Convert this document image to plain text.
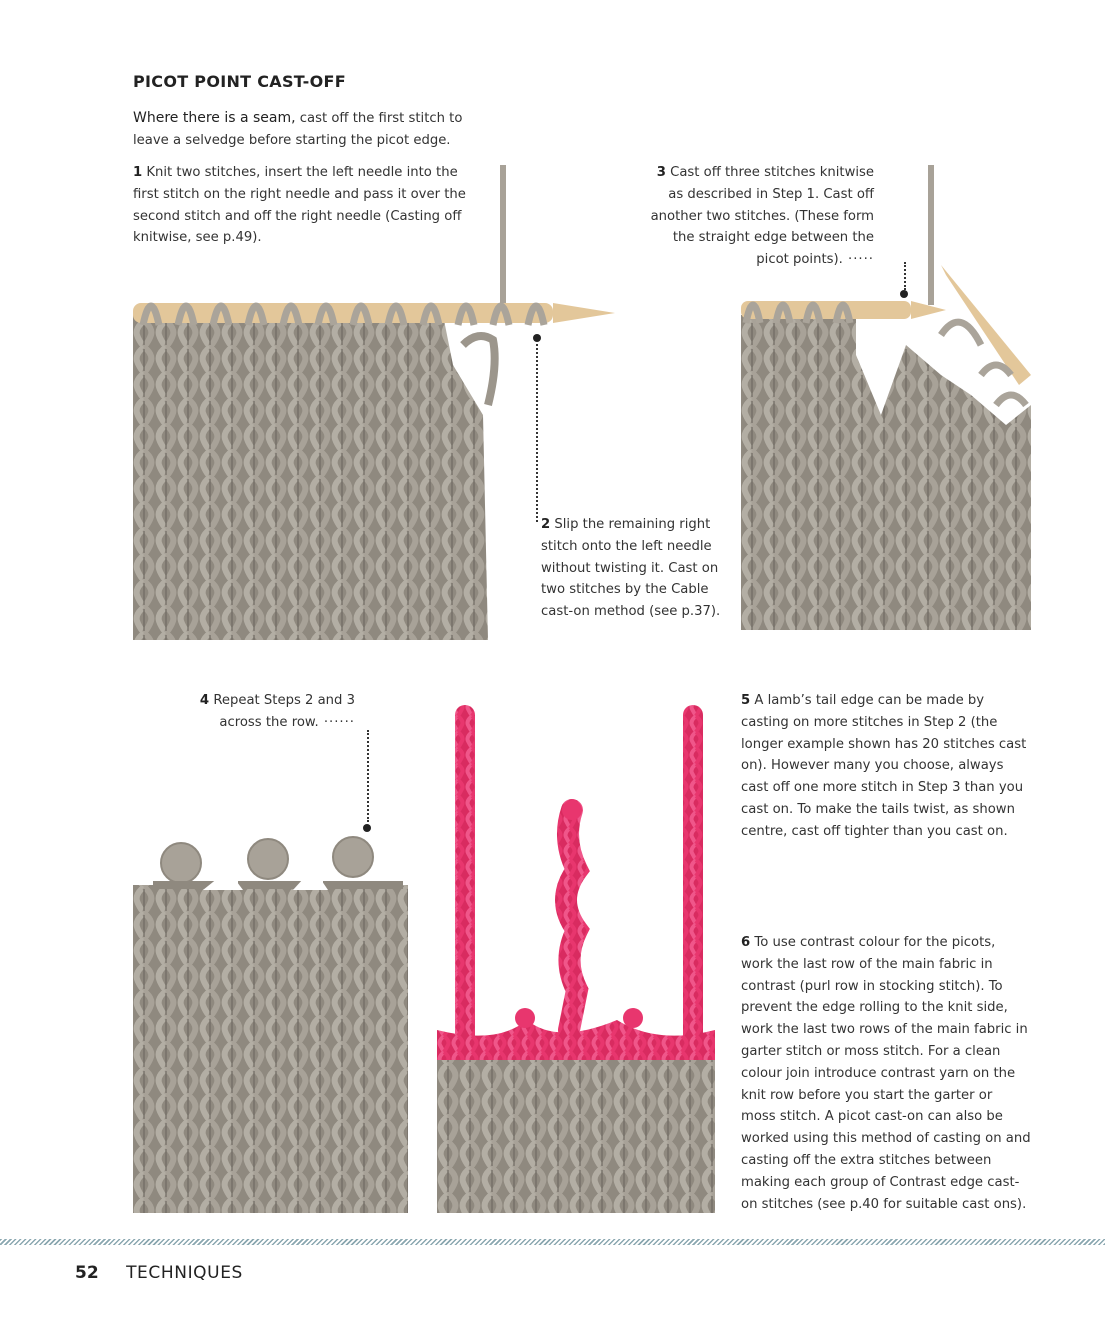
PICOT POINT CAST-OFF
Where there is a seam, cast off the first stitch to leave a selvedge before starting the picot edge.
1 Knit two stitches, insert the left needle into the first stitch on the right needle and pass it over the second stitch and off the right needle (Casting off knitwise, see p.49).
3 Cast off three stitches knitwise as described in Step 1. Cast off another two stitches. (These form the straight edge between the picot points). ·····
2 Slip the remaining right stitch onto the left needle without twisting it. Cast on two stitches by the Cable cast-on method (see p.37).
4 Repeat Steps 2 and 3 across the row. ······
5 A lamb’s tail edge can be made by casting on more stitches in Step 2 (the longer example shown has 20 stitches cast on). However many you choose, always cast off one more stitch in Step 3 than you cast on. To make the tails twist, as shown centre, cast off tighter than you cast on.
6 To use contrast colour for the picots, work the last row of the main fabric in contrast (purl row in stocking stitch). To prevent the edge rolling to the knit side, work the last two rows of the main fabric in garter stitch or moss stitch. For a clean colour join introduce contrast yarn on the knit row before you start the garter or moss stitch. A picot cast-on can also be worked using this method of casting on and casting off the extra stitches between making each group of Contrast edge cast-on stitches (see p.40 for suitable cast ons).
52 TECHNIQUES
